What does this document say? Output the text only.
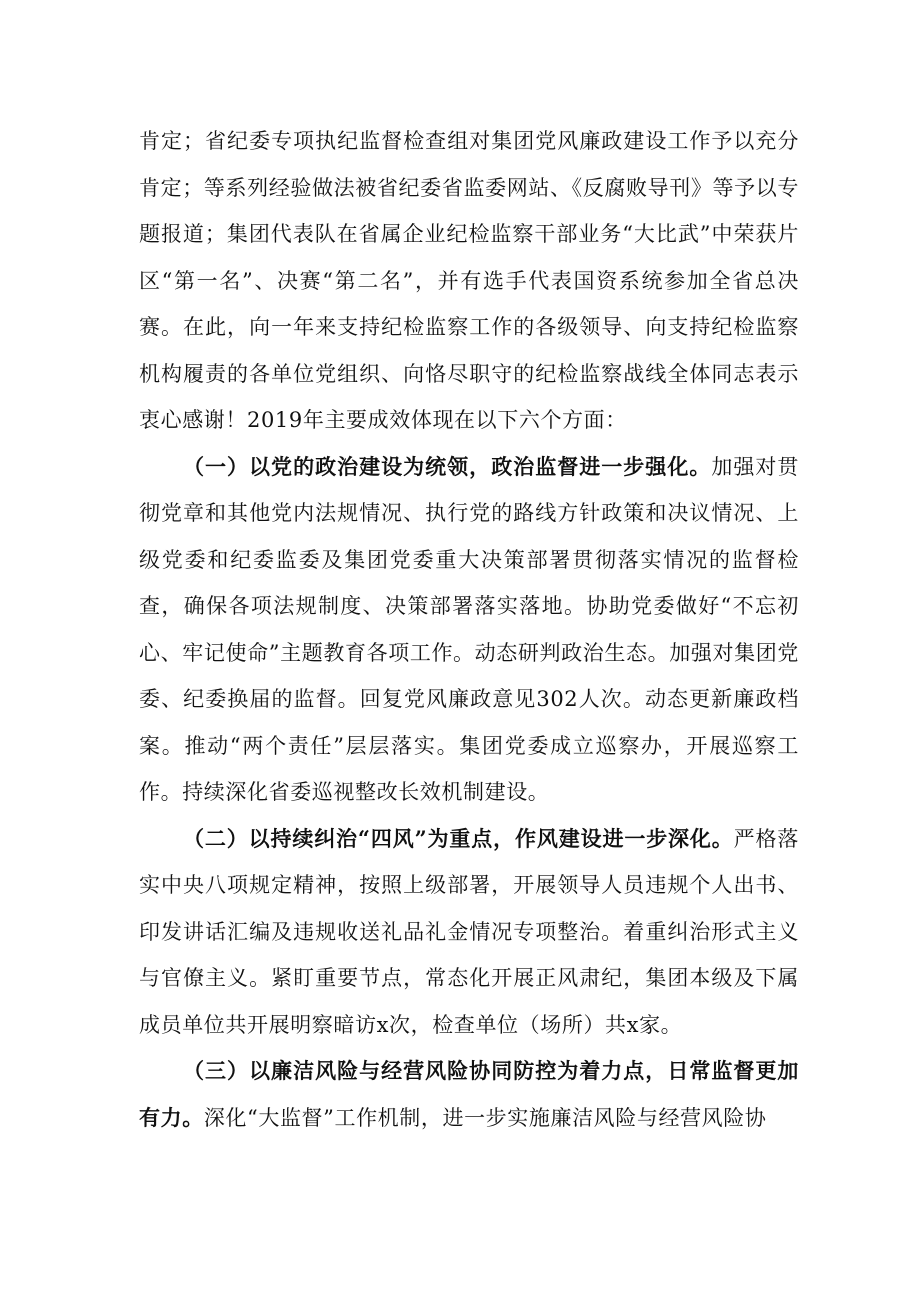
肯定；省纪委专项执纪监督检查组对集团党风廉政建设工作予以充分肯定；等系列经验做法被省纪委省监委网站、《反腐败导刊》等予以专题报道；集团代表队在省属企业纪检监察干部业务“大比武”中荣获片区“第一名”、决赛“第二名”，并有选手代表国资系统参加全省总决赛。在此，向一年来支持纪检监察工作的各级领导、向支持纪检监察机构履责的各单位党组织、向恪尽职守的纪检监察战线全体同志表示衷心感谢！2019年主要成效体现在以下六个方面：

（一）以党的政治建设为统领，政治监督进一步强化。加强对贯彻党章和其他党内法规情况、执行党的路线方针政策和决议情况、上级党委和纪委监委及集团党委重大决策部署贯彻落实情况的监督检查，确保各项法规制度、决策部署落实落地。协助党委做好“不忘初心、牢记使命”主题教育各项工作。动态研判政治生态。加强对集团党委、纪委换届的监督。回复党风廉政意见302人次。动态更新廉政档案。推动“两个责任”层层落实。集团党委成立巡察办，开展巡察工作。持续深化省委巡视整改长效机制建设。

（二）以持续纠治“四风”为重点，作风建设进一步深化。严格落实中央八项规定精神，按照上级部署，开展领导人员违规个人出书、印发讲话汇编及违规收送礼品礼金情况专项整治。着重纠治形式主义与官僚主义。紧盯重要节点，常态化开展正风肃纪，集团本级及下属成员单位共开展明察暗访x次，检查单位（场所）共x家。

（三）以廉洁风险与经营风险协同防控为着力点，日常监督更加有力。深化“大监督”工作机制，进一步实施廉洁风险与经营风险协
